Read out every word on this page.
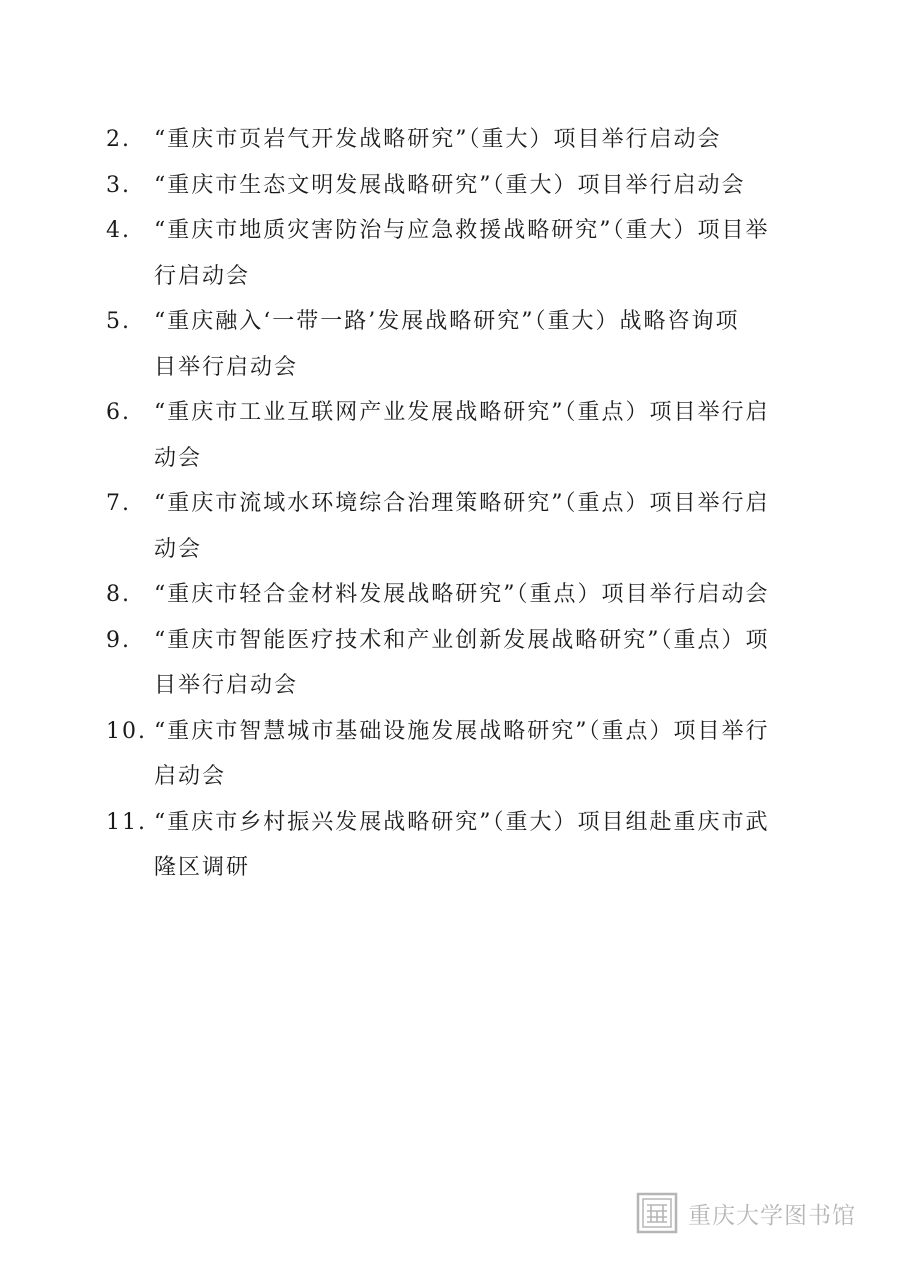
2.	“重庆市页岩气开发战略研究”（重大）项目举行启动会
3.	“重庆市生态文明发展战略研究”（重大）项目举行启动会
4.	“重庆市地质灾害防治与应急救援战略研究”（重大）项目举
行启动会
5.	“重庆融入‘一带一路’发展战略研究”（重大）战略咨询项
目举行启动会
6.	“重庆市工业互联网产业发展战略研究”（重点）项目举行启
动会
7.	“重庆市流域水环境综合治理策略研究”（重点）项目举行启
动会
8.	“重庆市轻合金材料发展战略研究”（重点）项目举行启动会
9.	“重庆市智能医疗技术和产业创新发展战略研究”（重点）项
目举行启动会
10. “重庆市智慧城市基础设施发展战略研究”（重点）项目举行
启动会
11. “重庆市乡村振兴发展战略研究”（重大）项目组赴重庆市武
隆区调研
重庆大学图书馆
